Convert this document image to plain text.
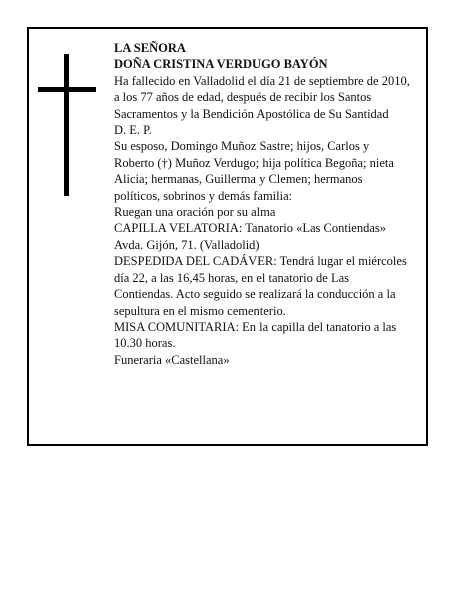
LA SEÑORA

DOÑA CRISTINA VERDUGO BAYÓN

Ha fallecido en Valladolid el día 21 de septiembre de 2010, a los 77 años de edad, después de recibir los Santos Sacramentos y la Bendición Apostólica de Su Santidad

D. E. P.

Su esposo, Domingo Muñoz Sastre; hijos, Carlos y Roberto (†) Muñoz Verdugo; hija política Begoña; nieta Alicia; hermanas, Guillerma y Clemen; hermanos políticos, sobrinos y demás familia:

Ruegan una oración por su alma

CAPILLA VELATORIA: Tanatorio «Las Contiendas» Avda. Gijón, 71. (Valladolid)

DESPEDIDA DEL CADÁVER: Tendrá lugar el miércoles día 22, a las 16,45 horas, en el tanatorio de Las Contiendas. Acto seguido se realizará la conducción a la sepultura en el mismo cementerio.

MISA COMUNITARIA: En la capilla del tanatorio a las 10.30 horas.

Funeraria «Castellana»
